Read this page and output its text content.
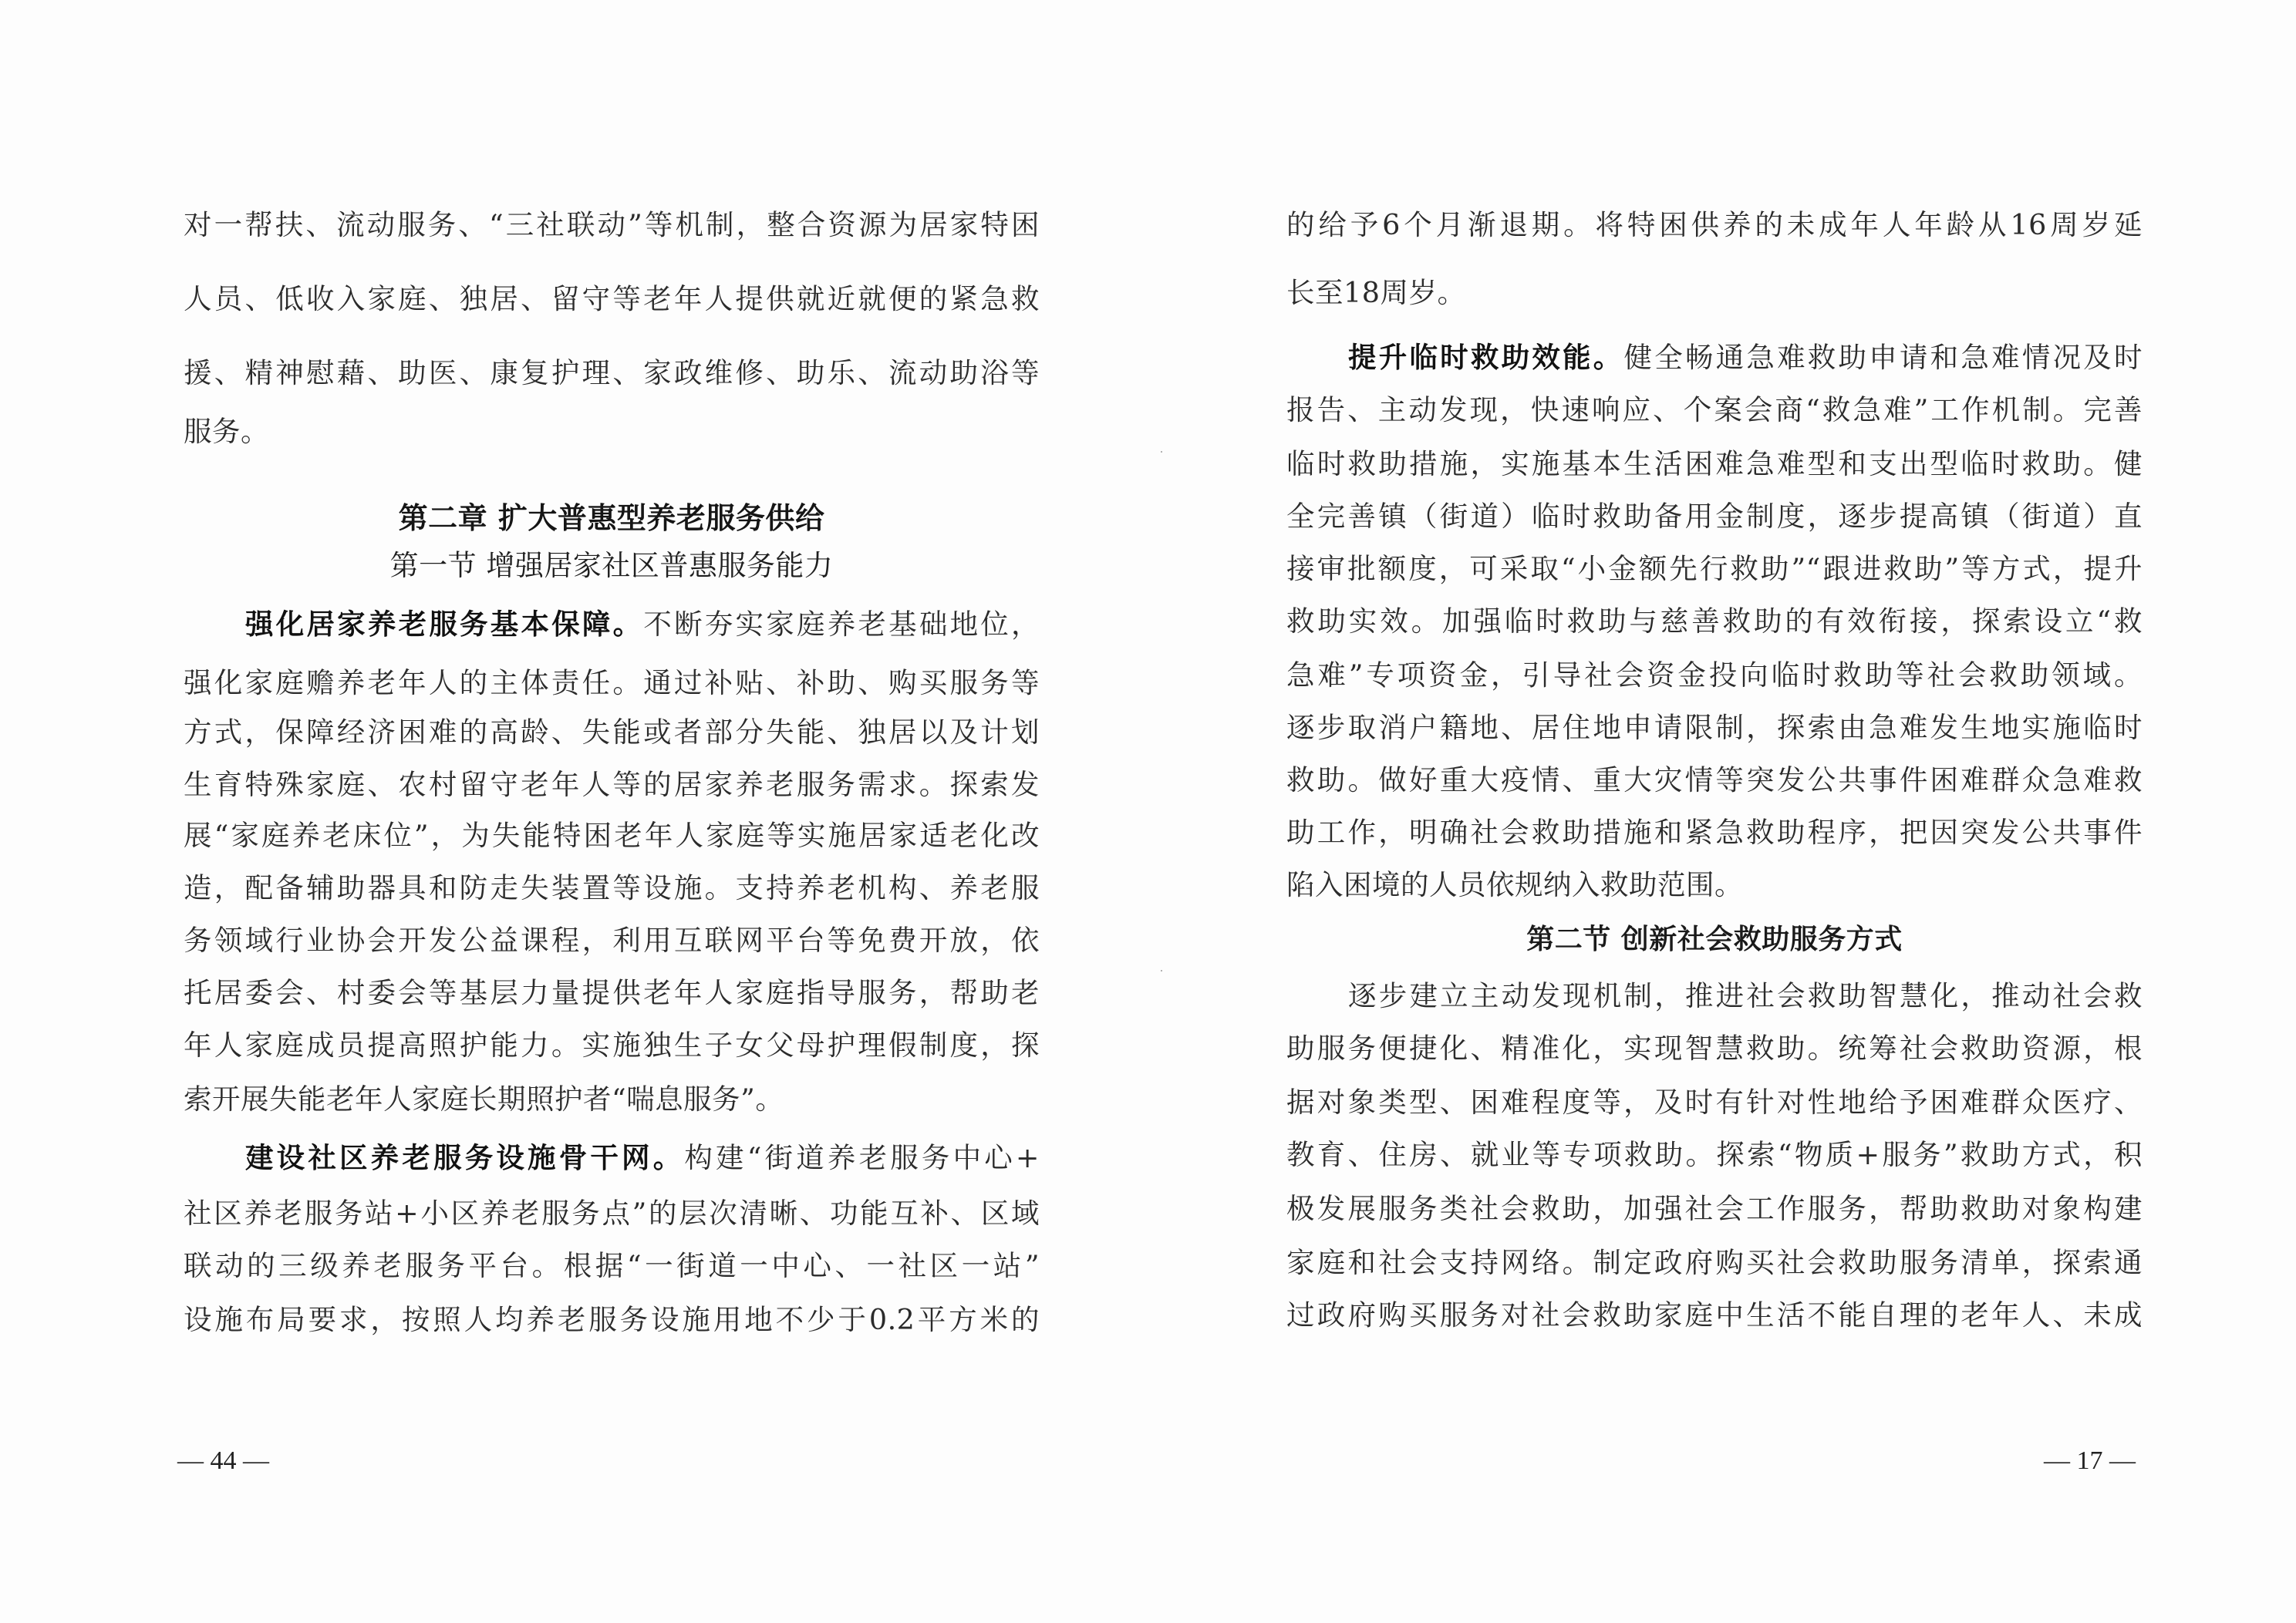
对一帮扶、流动服务、“三社联动”等机制，整合资源为居家特困
人员、低收入家庭、独居、留守等老年人提供就近就便的紧急救
援、精神慰藉、助医、康复护理、家政维修、助乐、流动助浴等
服务。
第二章 扩大普惠型养老服务供给
第一节 增强居家社区普惠服务能力
强化居家养老服务基本保障。不断夯实家庭养老基础地位，
强化家庭赡养老年人的主体责任。通过补贴、补助、购买服务等
方式，保障经济困难的高龄、失能或者部分失能、独居以及计划
生育特殊家庭、农村留守老年人等的居家养老服务需求。探索发
展“家庭养老床位”，为失能特困老年人家庭等实施居家适老化改
造，配备辅助器具和防走失装置等设施。支持养老机构、养老服
务领域行业协会开发公益课程，利用互联网平台等免费开放，依
托居委会、村委会等基层力量提供老年人家庭指导服务，帮助老
年人家庭成员提高照护能力。实施独生子女父母护理假制度，探
索开展失能老年人家庭长期照护者“喘息服务”。
建设社区养老服务设施骨干网。构建“街道养老服务中心+
社区养老服务站+小区养老服务点”的层次清晰、功能互补、区域
联动的三级养老服务平台。根据“一街道一中心、一社区一站”
设施布局要求，按照人均养老服务设施用地不少于0.2平方米的
— 44 —
的给予6个月渐退期。将特困供养的未成年人年龄从16周岁延
长至18周岁。
提升临时救助效能。健全畅通急难救助申请和急难情况及时
报告、主动发现，快速响应、个案会商“救急难”工作机制。完善
临时救助措施，实施基本生活困难急难型和支出型临时救助。健
全完善镇（街道）临时救助备用金制度，逐步提高镇（街道）直
接审批额度，可采取“小金额先行救助”“跟进救助”等方式，提升
救助实效。加强临时救助与慈善救助的有效衔接，探索设立“救
急难”专项资金，引导社会资金投向临时救助等社会救助领域。
逐步取消户籍地、居住地申请限制，探索由急难发生地实施临时
救助。做好重大疫情、重大灾情等突发公共事件困难群众急难救
助工作，明确社会救助措施和紧急救助程序，把因突发公共事件
陷入困境的人员依规纳入救助范围。
第二节 创新社会救助服务方式
逐步建立主动发现机制，推进社会救助智慧化，推动社会救
助服务便捷化、精准化，实现智慧救助。统筹社会救助资源，根
据对象类型、困难程度等，及时有针对性地给予困难群众医疗、
教育、住房、就业等专项救助。探索“物质+服务”救助方式，积
极发展服务类社会救助，加强社会工作服务，帮助救助对象构建
家庭和社会支持网络。制定政府购买社会救助服务清单，探索通
过政府购买服务对社会救助家庭中生活不能自理的老年人、未成
— 17 —
